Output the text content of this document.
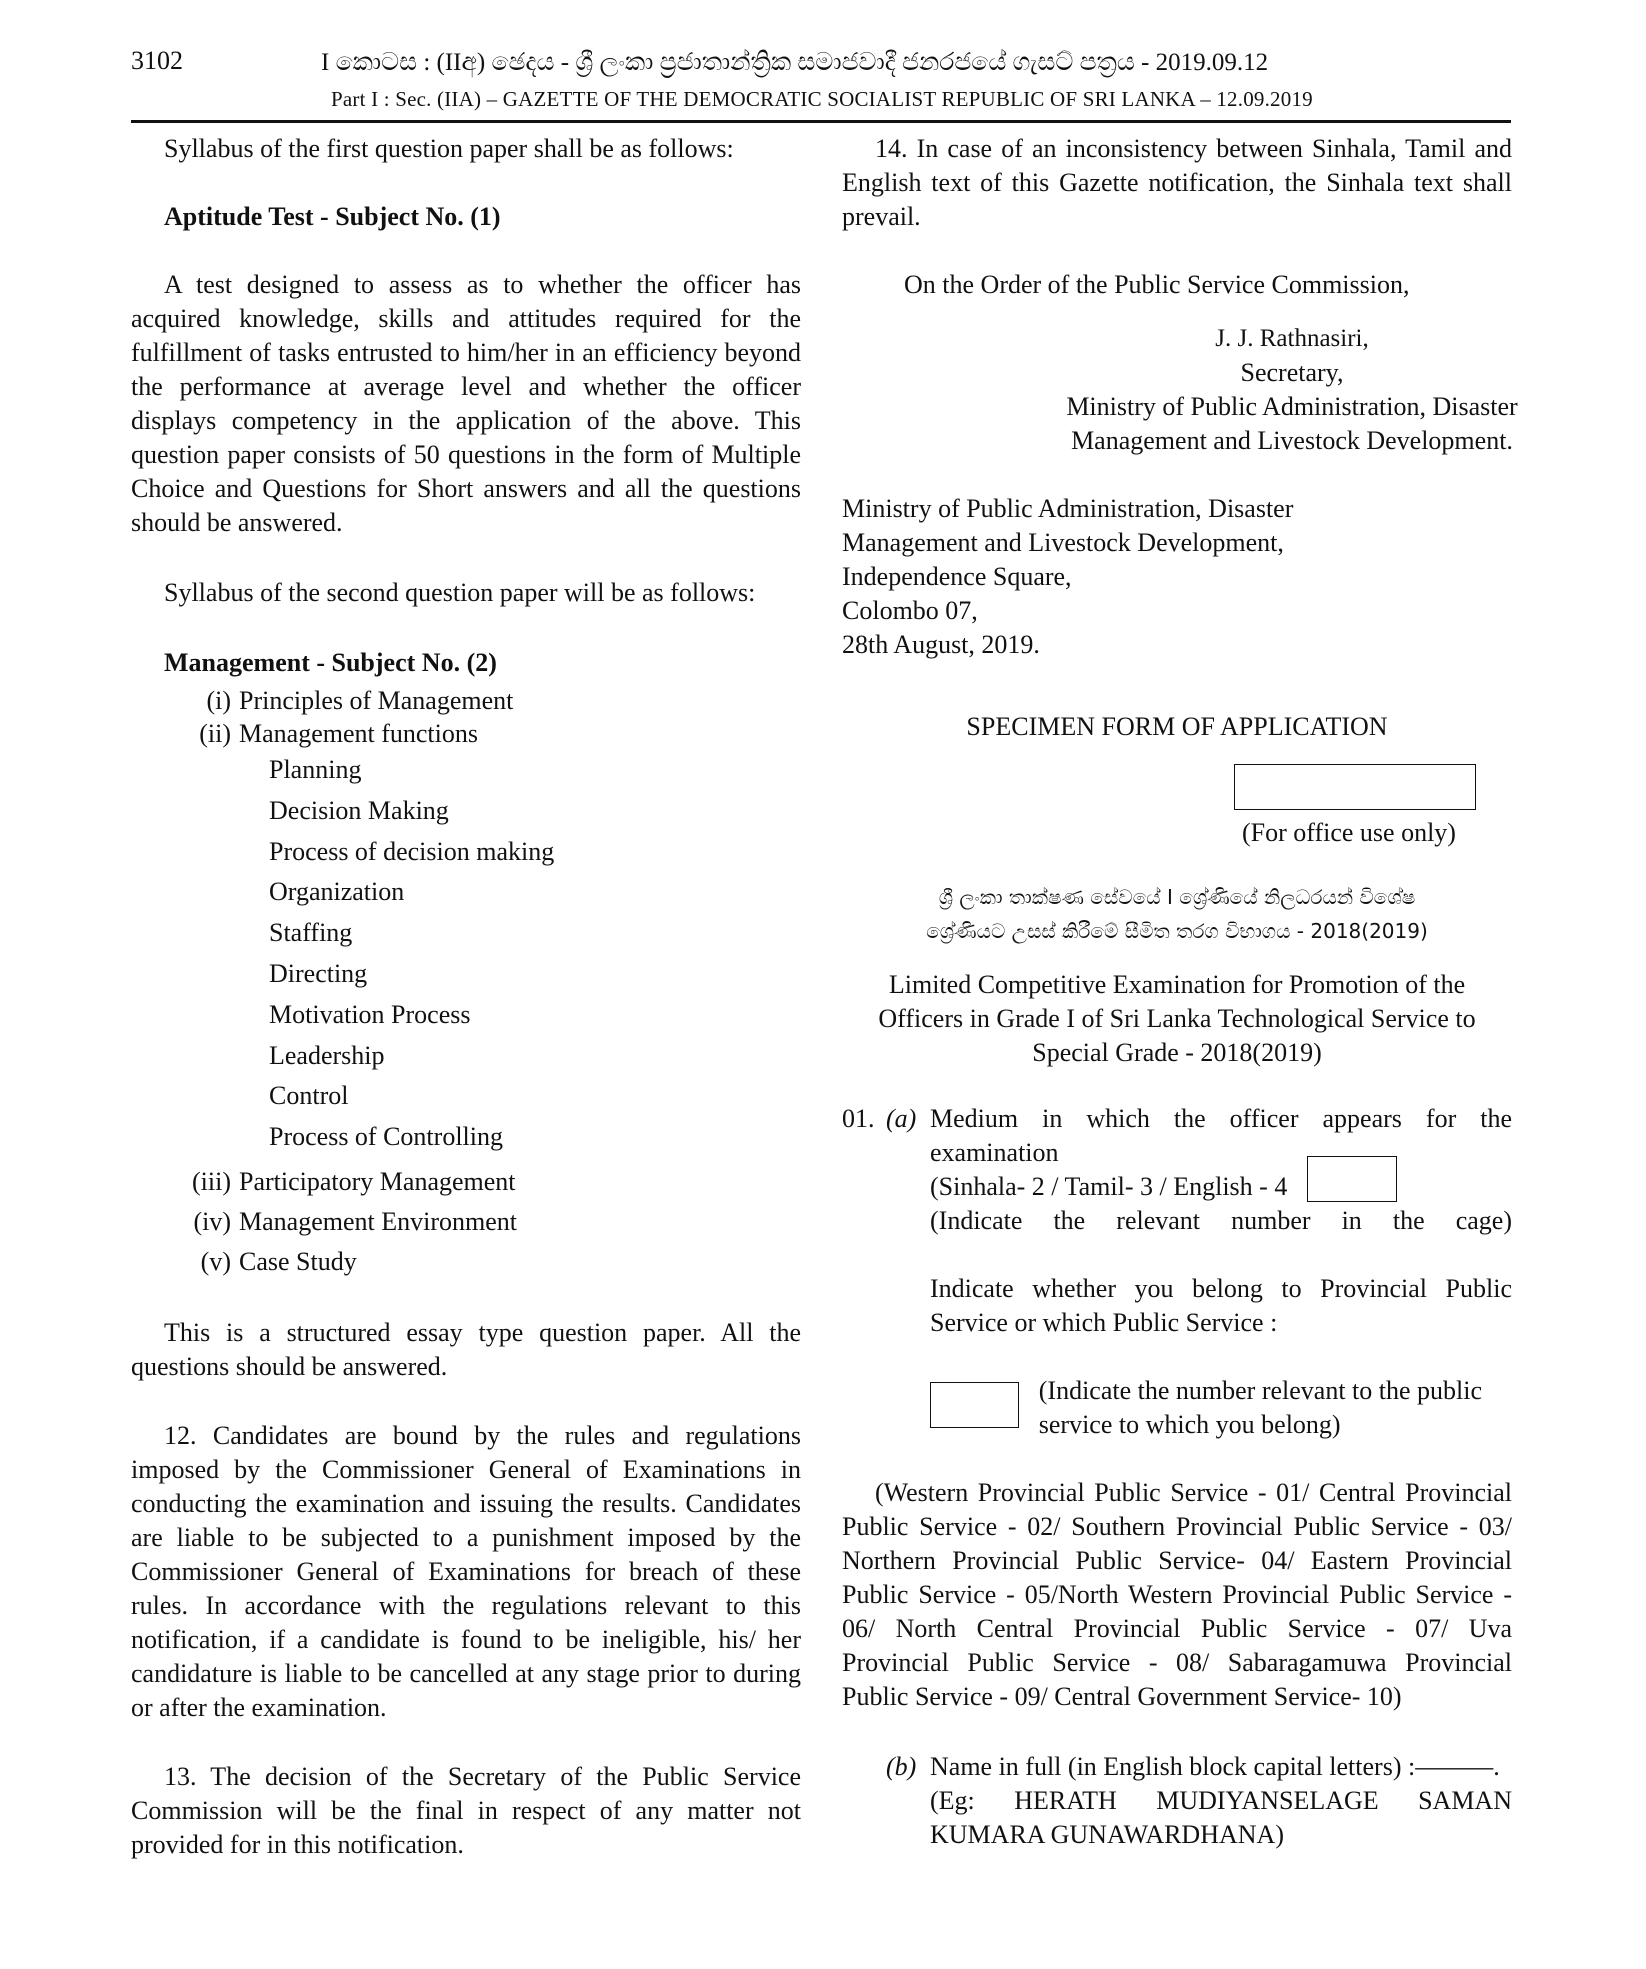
3102	I කොටස : (IIඅ) ඡෙදය - ශ්‍රී ලංකා ප්‍රජාතාන්ත්‍රික සමාජවාදී ජනරජයේ ගැසට් පත්‍රය - 2019.09.12
Part I : Sec. (IIA) – GAZETTE OF THE DEMOCRATIC SOCIALIST REPUBLIC OF SRI LANKA – 12.09.2019

Syllabus of the first question paper shall be as follows:

Aptitude Test - Subject No. (1)

A test designed to assess as to whether the officer has acquired knowledge, skills and attitudes required for the fulfillment of tasks entrusted to him/her in an efficiency beyond the performance at average level and whether the officer displays competency in the application of the above. This question paper consists of 50 questions in the form of Multiple Choice and Questions for Short answers and all the questions should be answered.

Syllabus of the second question paper will be as follows:

Management - Subject No. (2)

(i) Principles of Management
(ii) Management functions
Planning
Decision Making
Process of decision making
Organization
Staffing
Directing
Motivation Process
Leadership
Control
Process of Controlling
(iii) Participatory Management
(iv) Management Environment
(v) Case Study

This is a structured essay type question paper. All the questions should be answered.

12. Candidates are bound by the rules and regulations imposed by the Commissioner General of Examinations in conducting the examination and issuing the results. Candidates are liable to be subjected to a punishment imposed by the Commissioner General of Examinations for breach of these rules. In accordance with the regulations relevant to this notification, if a candidate is found to be ineligible, his/ her candidature is liable to be cancelled at any stage prior to during or after the examination.

13. The decision of the Secretary of the Public Service Commission will be the final in respect of any matter not provided for in this notification.

14. In case of an inconsistency between Sinhala, Tamil and English text of this Gazette notification, the Sinhala text shall prevail.

On the Order of the Public Service Commission,

J. J. Rathnasiri,

Secretary,

Ministry of Public Administration, Disaster

Management and Livestock Development.

Ministry of Public Administration, Disaster

Management and Livestock Development,

Independence Square,

Colombo 07,

28th August, 2019.

SPECIMEN FORM OF APPLICATION

(For office use only)

ශ්‍රී ලංකා තාක්ෂණ සේවයේ I ශ්‍රේණියේ නිලධරයන් විශේෂ

ශ්‍රේණියට උසස් කිරීමේ සීමිත තරග විභාගය - 2018(2019)

Limited Competitive Examination for Promotion of the

Officers in Grade I of Sri Lanka Technological Service to

Special Grade - 2018(2019)

01. (a) Medium in which the officer appears for the examination

(Sinhala- 2 / Tamil- 3 / English - 4

(Indicate the relevant number in the cage)

Indicate whether you belong to Provincial Public Service or which Public Service :

(Indicate the number relevant to the public service to which you belong)

(Western Provincial Public Service - 01/ Central Provincial Public Service - 02/ Southern Provincial Public Service - 03/ Northern Provincial Public Service- 04/ Eastern Provincial Public Service - 05/North Western Provincial Public Service - 06/ North Central Provincial Public Service - 07/ Uva Provincial Public Service - 08/ Sabaragamuwa Provincial Public Service - 09/ Central Government Service- 10)

(b) Name in full (in English block capital letters) :———.

(Eg: HERATH MUDIYANSELAGE SAMAN KUMARA GUNAWARDHANA)
